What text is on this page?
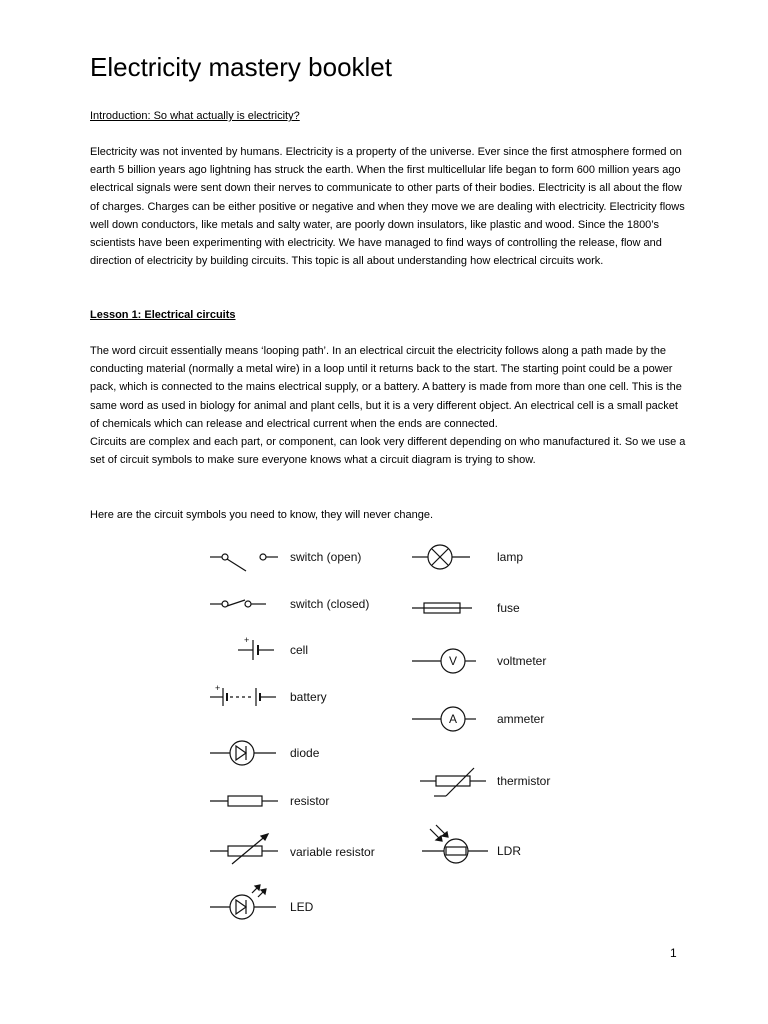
Electricity mastery booklet

Introduction: So what actually is electricity?

Electricity was not invented by humans. Electricity is a property of the universe. Ever since the first atmosphere formed on earth 5 billion years ago lightning has struck the earth. When the first multicellular life began to form 600 million years ago electrical signals were sent down their nerves to communicate to other parts of their bodies. Electricity is all about the flow of charges. Charges can be either positive or negative and when they move we are dealing with electricity. Electricity flows well down conductors, like metals and salty water, are poorly down insulators, like plastic and wood. Since the 1800’s scientists have been experimenting with electricity. We have managed to find ways of controlling the release, flow and direction of electricity by building circuits. This topic is all about understanding how electrical circuits work.

Lesson 1: Electrical circuits

The word circuit essentially means ‘looping path’. In an electrical circuit the electricity follows along a path made by the conducting material (normally a metal wire) in a loop until it returns back to the start. The starting point could be a power pack, which is connected to the mains electrical supply, or a battery. A battery is made from more than one cell. This is the same word as used in biology for animal and plant cells, but it is a very different object. An electrical cell is a small packet of chemicals which can release and electrical current when the ends are connected.

Circuits are complex and each part, or component, can look very different depending on who manufactured it. So we use a set of circuit symbols to make sure everyone knows what a circuit diagram is trying to show.

Here are the circuit symbols you need to know, they will never change.

V
A
+
+
switch (open)
switch (closed)
cell
battery
diode
resistor
variable resistor
LED
lamp
fuse
voltmeter
ammeter
thermistor
LDR
1
